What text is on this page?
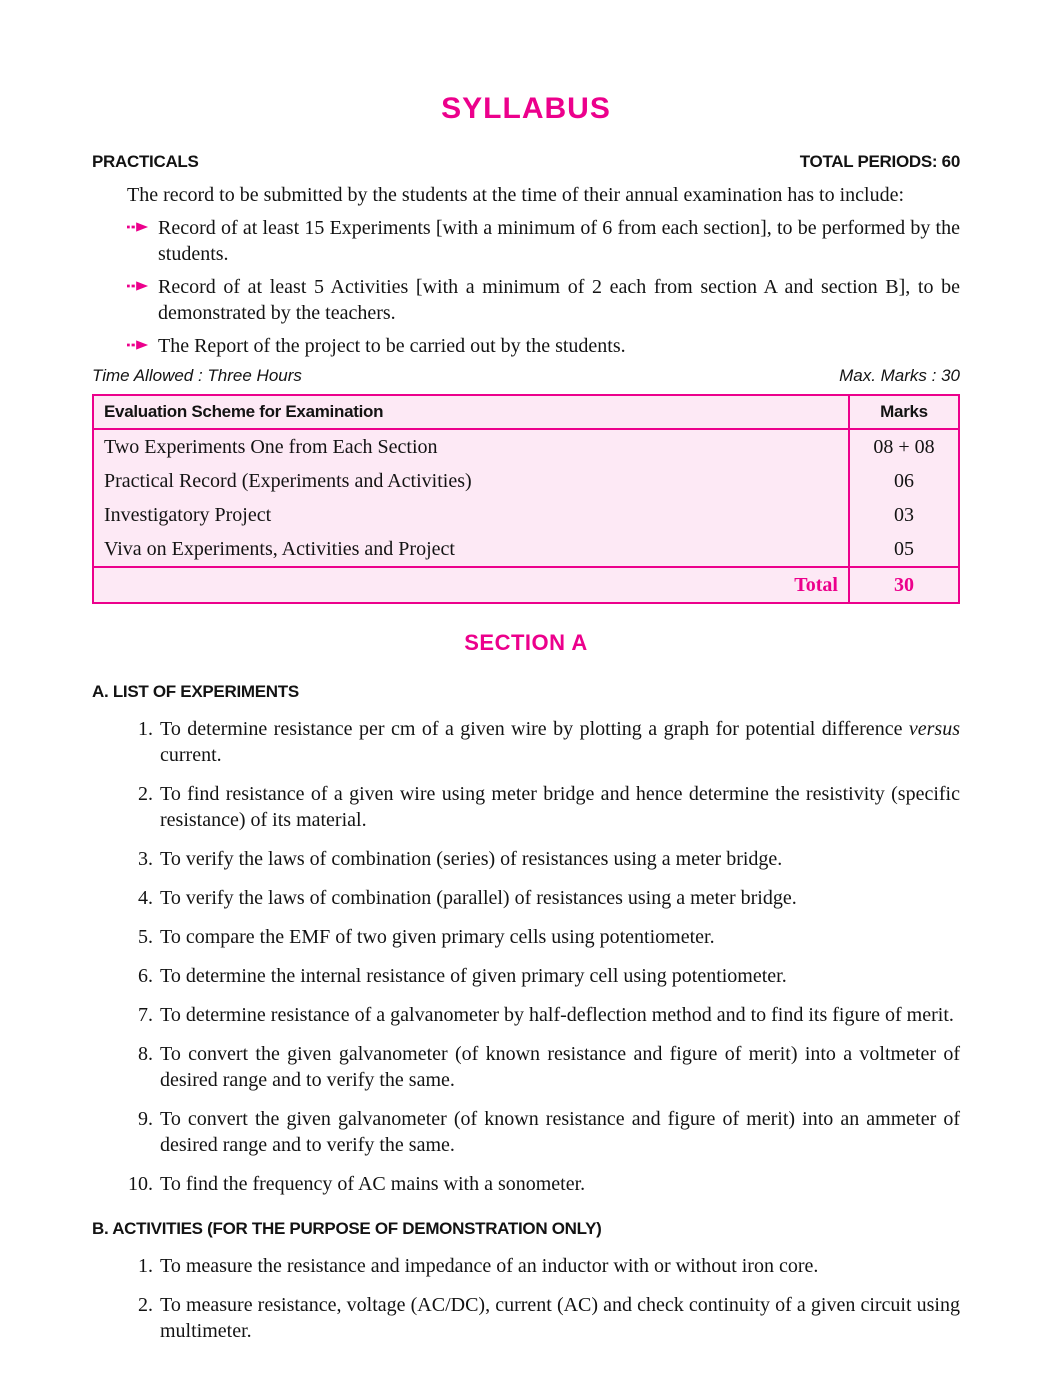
SYLLABUS
PRACTICALS	TOTAL PERIODS: 60

The record to be submitted by the students at the time of their annual examination has to include:

Record of at least 15 Experiments [with a minimum of 6 from each section], to be performed by the students.
Record of at least 5 Activities [with a minimum of 2 each from section A and section B], to be demonstrated by the teachers.
The Report of the project to be carried out by the students.
Time Allowed : Three Hours	Max. Marks : 30
Evaluation Scheme for Examination	Marks
Two Experiments One from Each Section	08 + 08
Practical Record (Experiments and Activities)	06
Investigatory Project	03
Viva on Experiments, Activities and Project	05
Total	30
SECTION A
A. LIST OF EXPERIMENTS
1. To determine resistance per cm of a given wire by plotting a graph for potential difference versus current.
2. To find resistance of a given wire using meter bridge and hence determine the resistivity (specific resistance) of its material.
3. To verify the laws of combination (series) of resistances using a meter bridge.
4. To verify the laws of combination (parallel) of resistances using a meter bridge.
5. To compare the EMF of two given primary cells using potentiometer.
6. To determine the internal resistance of given primary cell using potentiometer.
7. To determine resistance of a galvanometer by half-deflection method and to find its figure of merit.
8. To convert the given galvanometer (of known resistance and figure of merit) into a voltmeter of desired range and to verify the same.
9. To convert the given galvanometer (of known resistance and figure of merit) into an ammeter of desired range and to verify the same.
10. To find the frequency of AC mains with a sonometer.
B. ACTIVITIES (FOR THE PURPOSE OF DEMONSTRATION ONLY)
1. To measure the resistance and impedance of an inductor with or without iron core.
2. To measure resistance, voltage (AC/DC), current (AC) and check continuity of a given circuit using multimeter.
